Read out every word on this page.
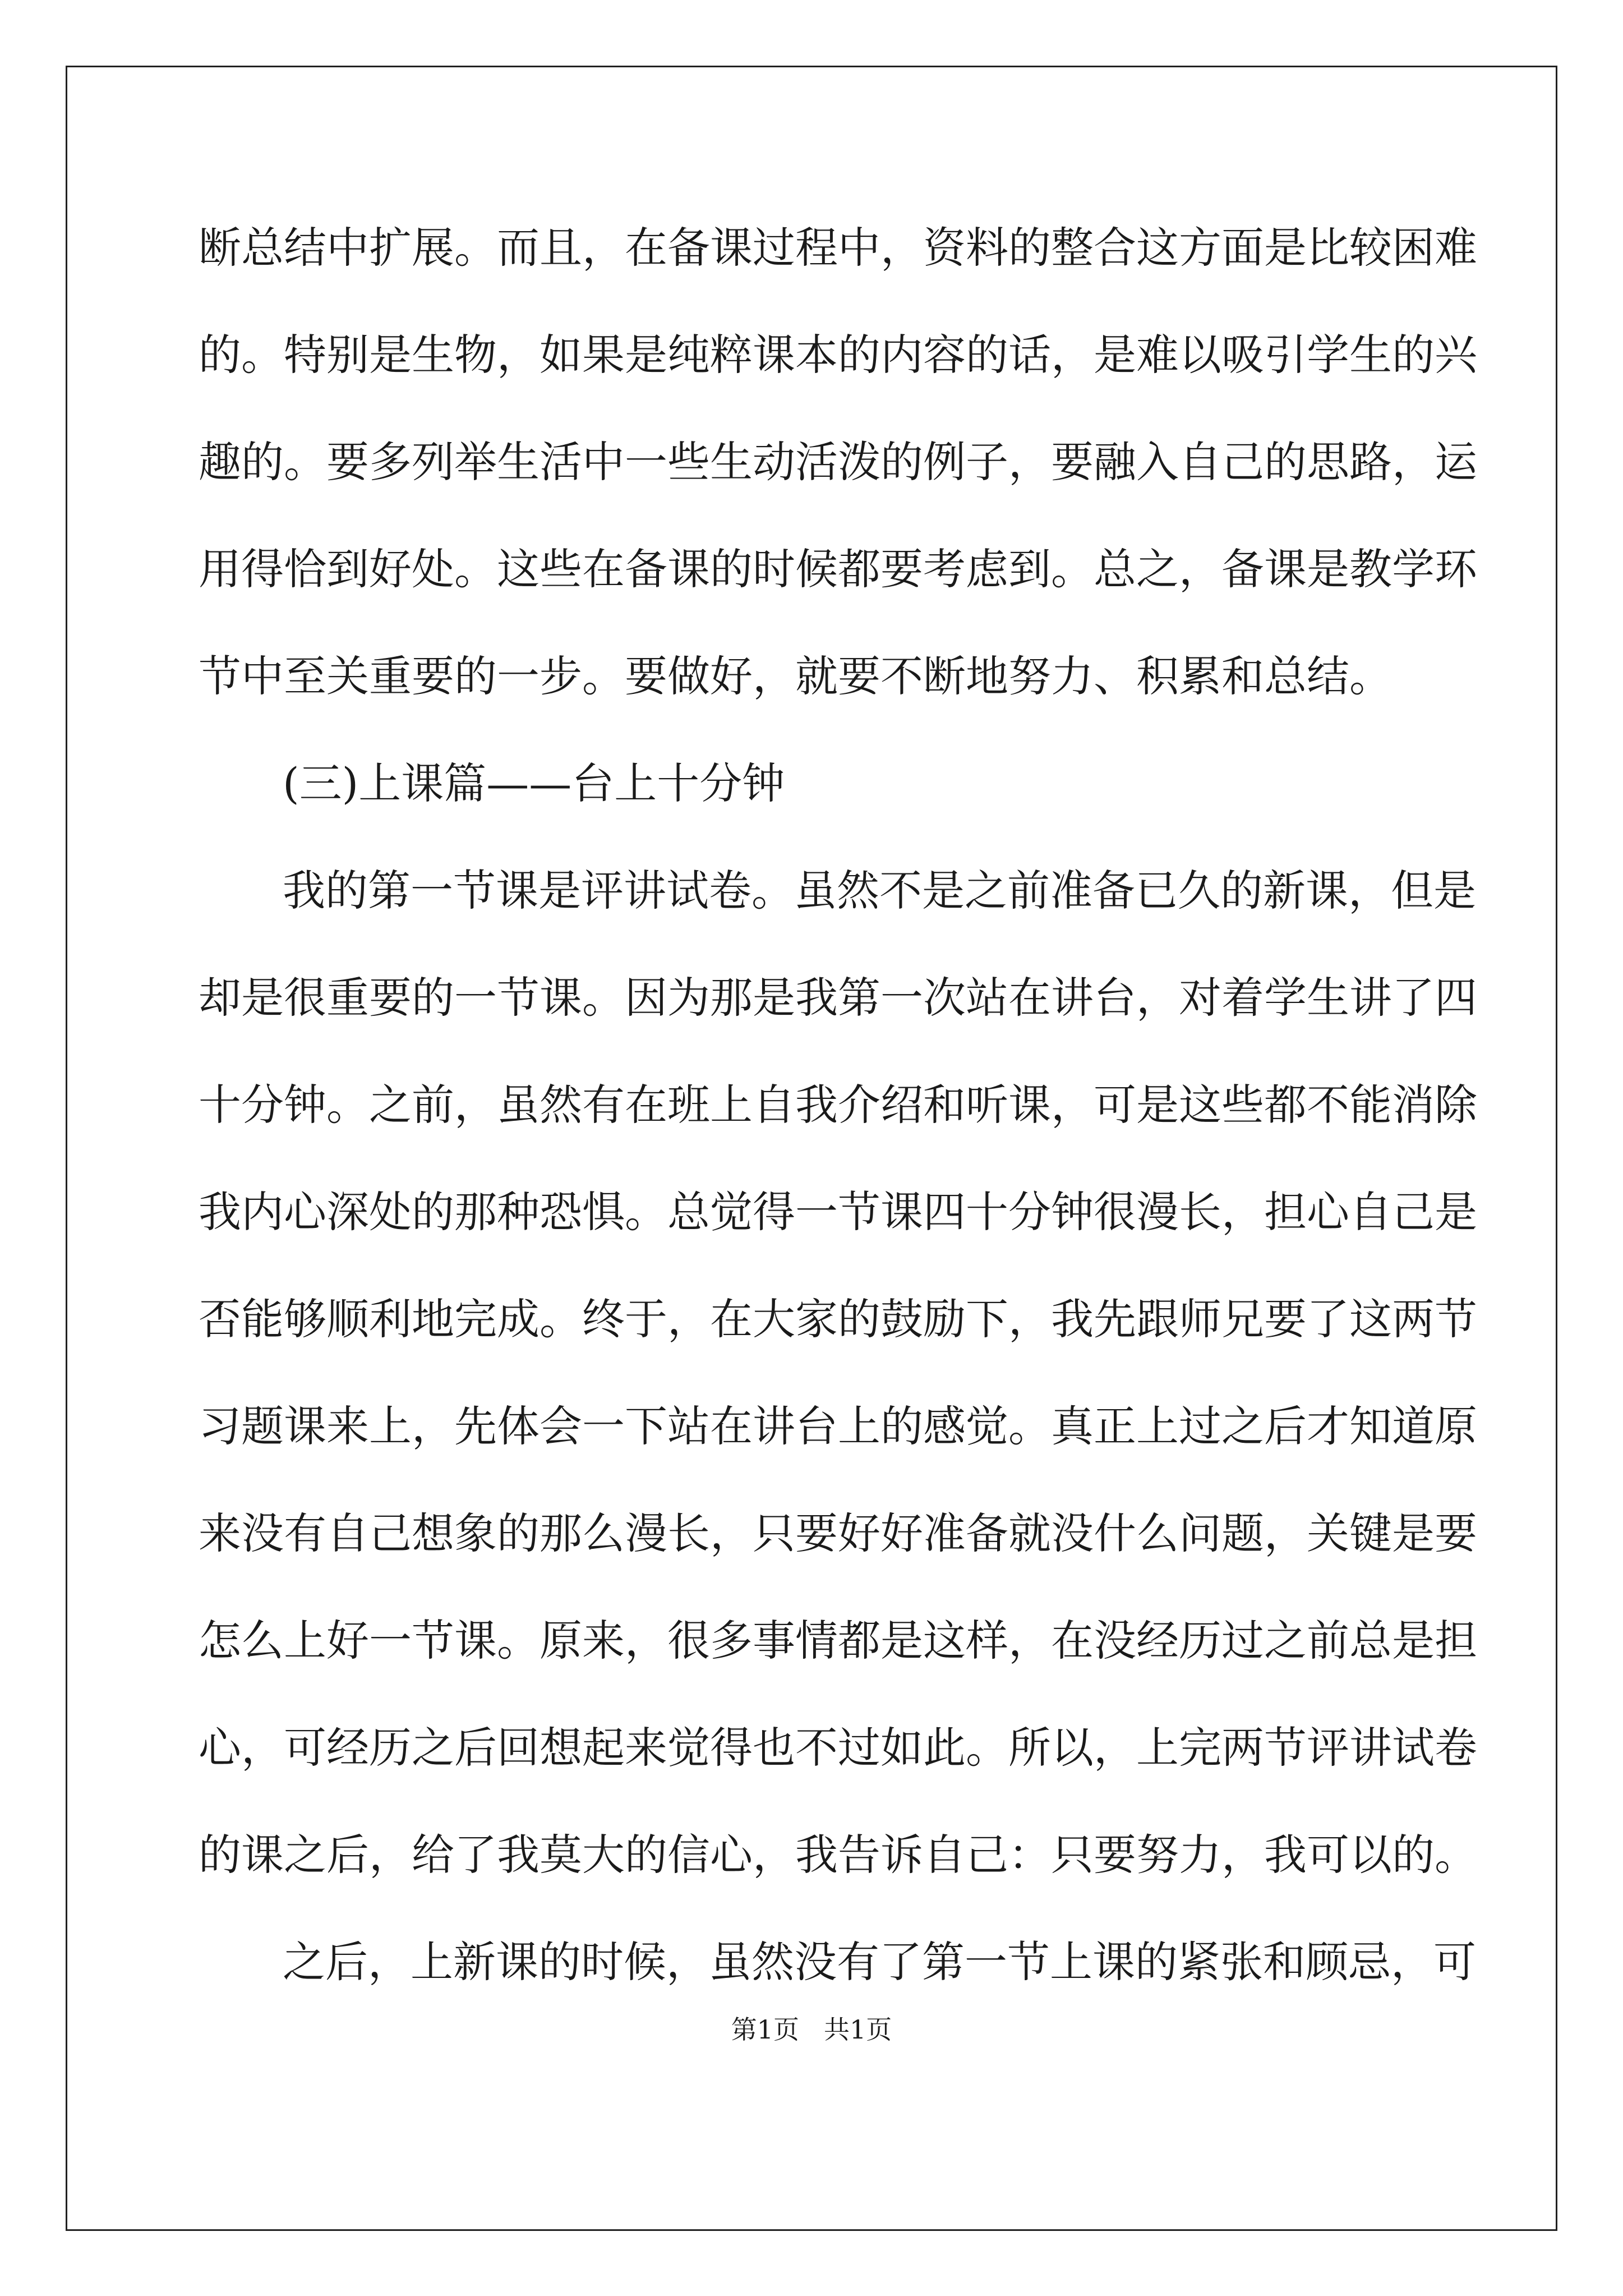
断总结中扩展。而且，在备课过程中，资料的整合这方面是比较困难
的。特别是生物，如果是纯粹课本的内容的话，是难以吸引学生的兴
趣的。要多列举生活中一些生动活泼的例子，要融入自己的思路，运
用得恰到好处。这些在备课的时候都要考虑到。总之，备课是教学环
节中至关重要的一步。要做好，就要不断地努力、积累和总结。
(三)上课篇——台上十分钟
我的第一节课是评讲试卷。虽然不是之前准备已久的新课，但是
却是很重要的一节课。因为那是我第一次站在讲台，对着学生讲了四
十分钟。之前，虽然有在班上自我介绍和听课，可是这些都不能消除
我内心深处的那种恐惧。总觉得一节课四十分钟很漫长，担心自己是
否能够顺利地完成。终于，在大家的鼓励下，我先跟师兄要了这两节
习题课来上，先体会一下站在讲台上的感觉。真正上过之后才知道原
来没有自己想象的那么漫长，只要好好准备就没什么问题，关键是要
怎么上好一节课。原来，很多事情都是这样，在没经历过之前总是担
心，可经历之后回想起来觉得也不过如此。所以，上完两节评讲试卷
的课之后，给了我莫大的信心，我告诉自己：只要努力，我可以的。
之后，上新课的时候，虽然没有了第一节上课的紧张和顾忌，可
第1页 共1页
